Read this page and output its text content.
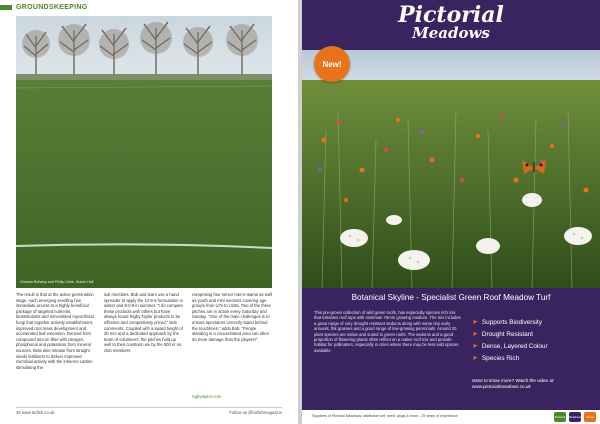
GROUNDSKEEPING
Graham Bellamy and Phillip Clark, Hulme Hall
The result is that at the active germination stage, each emerging seedling has immediate access to a highly beneficial package of targeted nutrients, biostimulants and mineralised mycorrhizal fungi that together actively establishment, improved root mass development and accelerated leaf extension. Derived from compound micron filter with nitrogen, phosphorus and potassium from mineral sources. Beta also release from straight seeds fertilisers to deliver improved microbial activity with the inherent carbon stimulating the
soil microbes. Bob and team use a hand spreader to apply the 12-6-6 formulation in winter and 8-0-6 in summer. "I do compare these products with others but have always found Rigby Taylor products to be effective and competitively priced," Bob comments. Coupled with a sward height of 30 mm and a dedicated approach by the team of volunteers, the pitches hold up well to their constant use by the 500 or so club members
comprising four senior men's teams as well as youth and mini sections covering age groups from U7s to U18s. Two of the three pitches are in action every Saturday and Sunday. "One of the main challenges is to ensure spectators correctly stand behind the touchlines," adds Bob. "People standing in a concentrated area can often do more damage than the players!"
rigbytaylor.com
38 www.turfish.co.uk	Follow us @turfishmagazine
Pictorial
Meadows
New!
Botanical Skyline - Specialist Green Roof Meadow Turf
This pre-grown collection of wild green roofs, has especially species rich mix that tolerates roof tops with minimum 75mm growing medium. The mix includes a great range of very drought resistant sedums along with some tiny early annuals, flat grasses and a good range of low-growing perennials. Around 20 plant species are native and suited to green roofs. The sedums and a good proportion of flowering plants often reflect on a native roof mix and provide habitat for pollinators, especially in cities where there may be less wild spaces available.
➤ Supports Biodiversity
➤ Drought Resistant
➤ Dense, Layered Colour
➤ Species Rich
Want to know more? Watch the video at: www.pictorialmeadows.co.uk
Suppliers of Pictorial Meadows: wildflower turf, seed, plugs & more - 25 years of experience	Pictorial Meadows	Flora
